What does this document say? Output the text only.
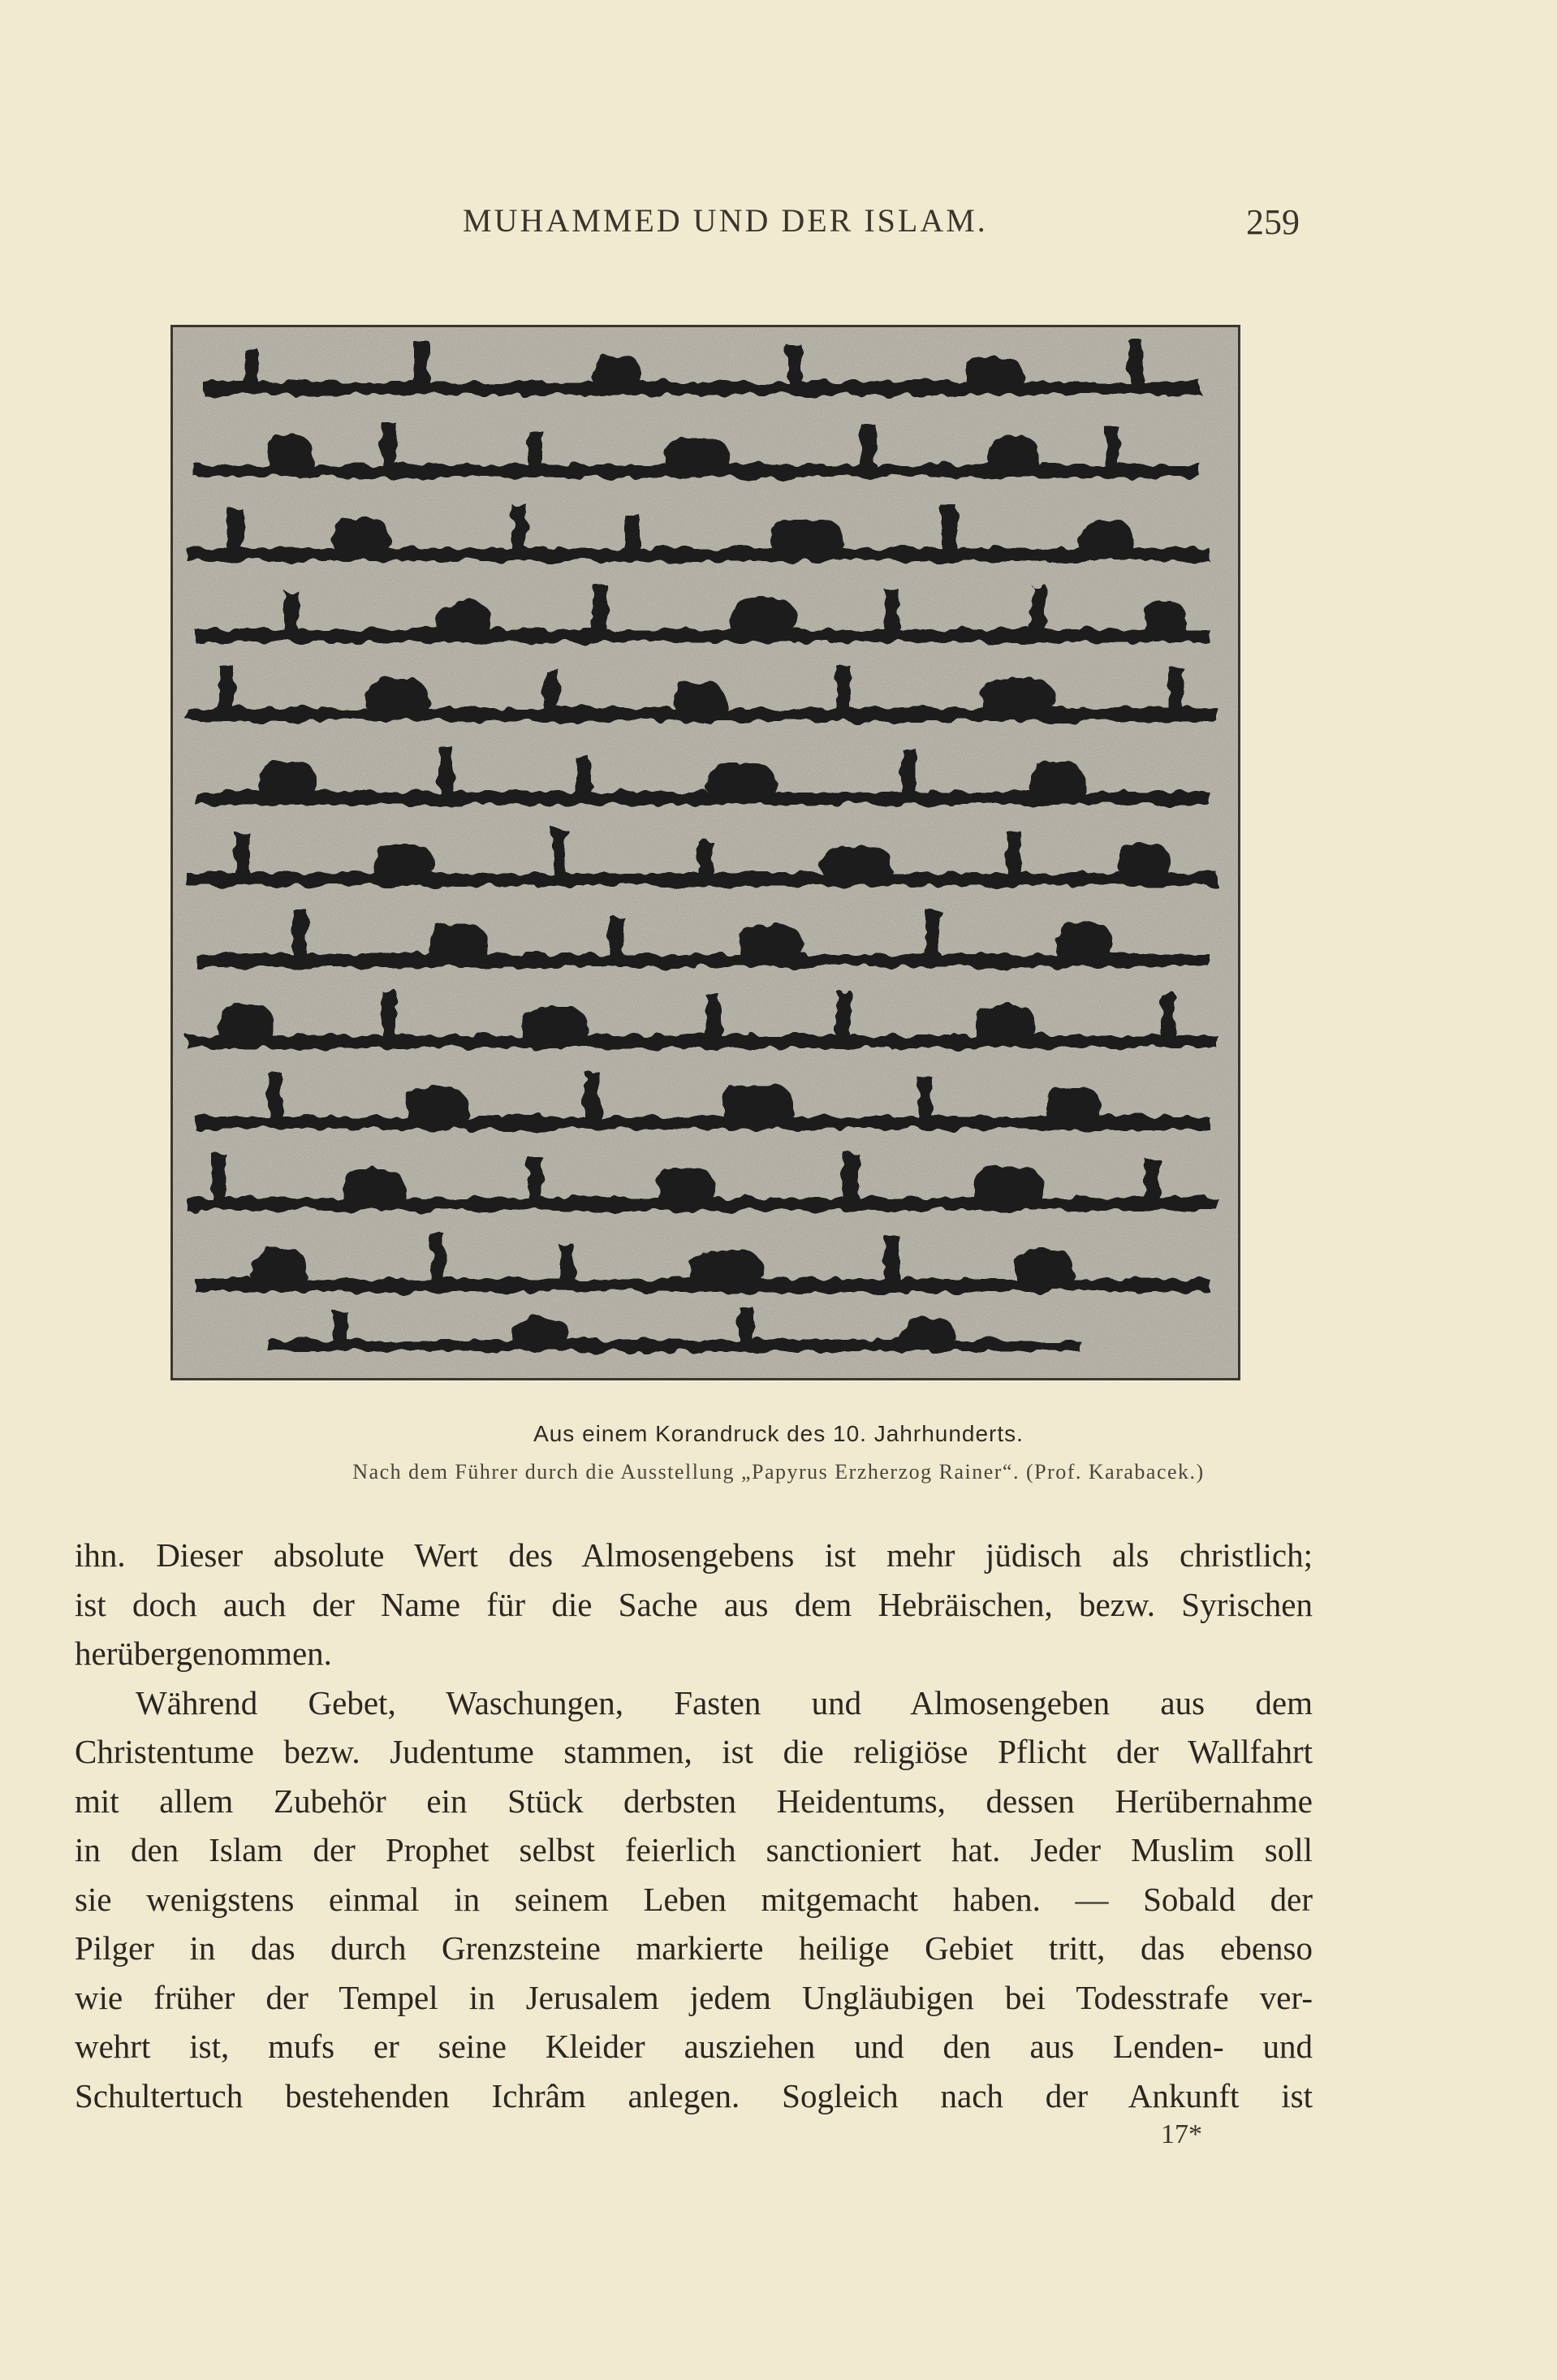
MUHAMMED UND DER ISLAM.	259
Aus einem Korandruck des 10. Jahrhunderts.
Nach dem Führer durch die Ausstellung „Papyrus Erzherzog Rainer“. (Prof. Karabacek.)

ihn. Dieser absolute Wert des Almosengebens ist mehr jüdisch als christlich;
ist doch auch der Name für die Sache aus dem Hebräischen, bezw. Syrischen
herübergenommen.

Während Gebet, Waschungen, Fasten und Almosengeben aus dem
Christentume bezw. Judentume stammen, ist die religiöse Pflicht der Wallfahrt
mit allem Zubehör ein Stück derbsten Heidentums, dessen Herübernahme
in den Islam der Prophet selbst feierlich sanctioniert hat. Jeder Muslim soll
sie wenigstens einmal in seinem Leben mitgemacht haben. — Sobald der
Pilger in das durch Grenzsteine markierte heilige Gebiet tritt, das ebenso
wie früher der Tempel in Jerusalem jedem Ungläubigen bei Todesstrafe ver-
wehrt ist, mufs er seine Kleider ausziehen und den aus Lenden- und
Schultertuch bestehenden Ichrâm anlegen. Sogleich nach der Ankunft ist

17*
